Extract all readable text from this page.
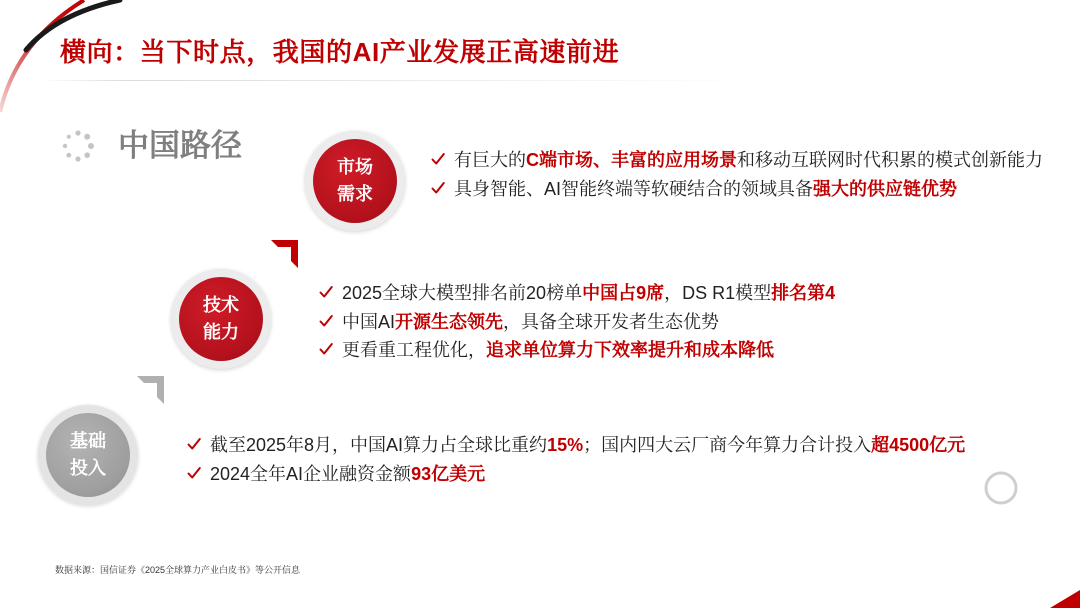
横向：当下时点，我国的AI产业发展正高速前进
中国路径
市场
需求
技术
能力
基础
投入
有巨大的C端市场、丰富的应用场景和移动互联网时代积累的模式创新能力
具身智能、AI智能终端等软硬结合的领域具备强大的供应链优势
2025全球大模型排名前20榜单中国占9席，DS R1模型排名第4
中国AI开源生态领先，具备全球开发者生态优势
更看重工程优化，追求单位算力下效率提升和成本降低
截至2025年8月，中国AI算力占全球比重约15%；国内四大云厂商今年算力合计投入超4500亿元
2024全年AI企业融资金额93亿美元
数据来源：国信证券《2025全球算力产业白皮书》等公开信息
